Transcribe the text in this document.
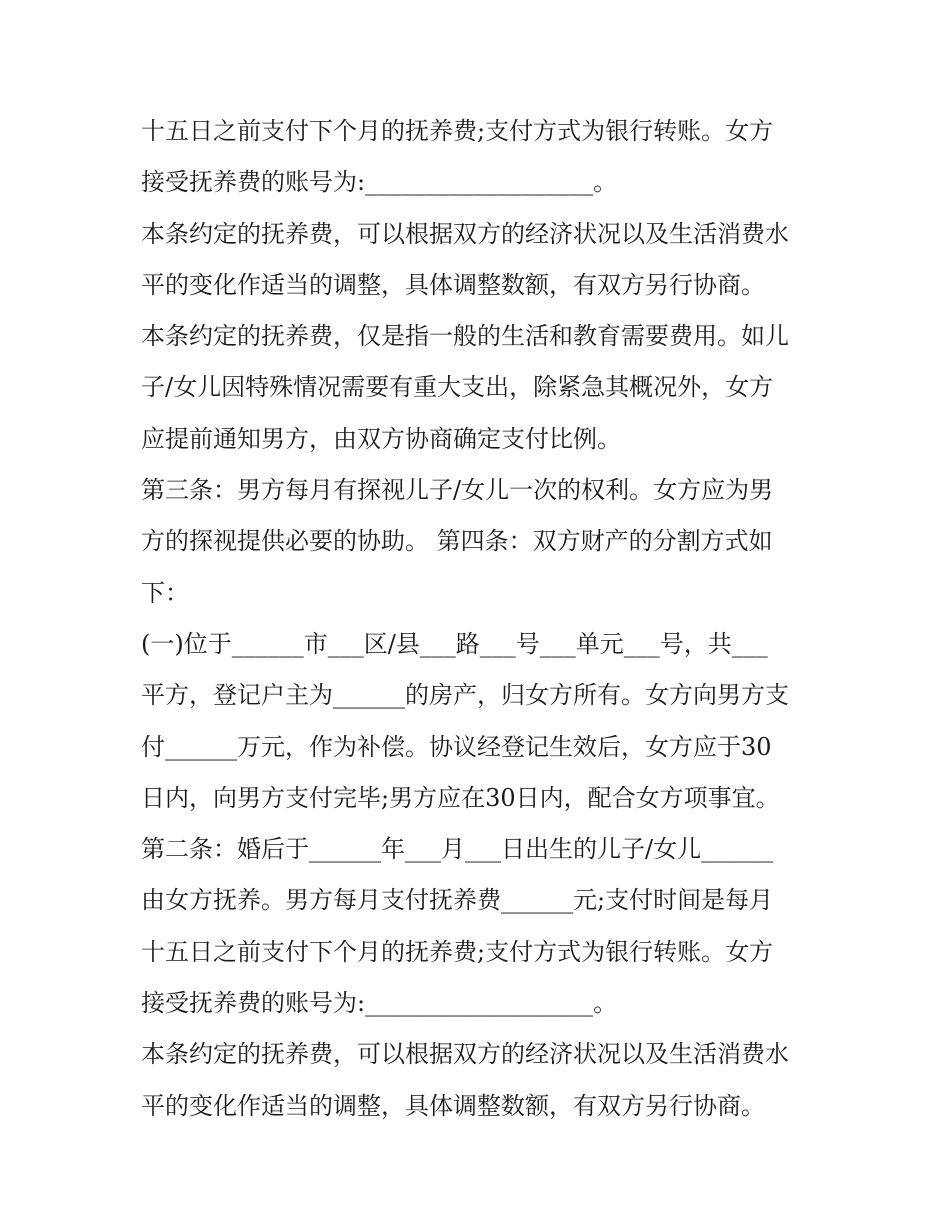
十五日之前支付下个月的抚养费;支付方式为银行转账。女方
接受抚养费的账号为:___________________。
本条约定的抚养费，可以根据双方的经济状况以及生活消费水
平的变化作适当的调整，具体调整数额，有双方另行协商。
本条约定的抚养费，仅是指一般的生活和教育需要费用。如儿
子/女儿因特殊情况需要有重大支出，除紧急其概况外，女方
应提前通知男方，由双方协商确定支付比例。
第三条：男方每月有探视儿子/女儿一次的权利。女方应为男
方的探视提供必要的协助。 第四条：双方财产的分割方式如
下：
(一)位于______市___区/县___路___号___单元___号，共___
平方，登记户主为______的房产，归女方所有。女方向男方支
付______万元，作为补偿。协议经登记生效后，女方应于30
日内，向男方支付完毕;男方应在30日内，配合女方项事宜。
第二条：婚后于______年___月___日出生的儿子/女儿______
由女方抚养。男方每月支付抚养费______元;支付时间是每月
十五日之前支付下个月的抚养费;支付方式为银行转账。女方
接受抚养费的账号为:___________________。
本条约定的抚养费，可以根据双方的经济状况以及生活消费水
平的变化作适当的调整，具体调整数额，有双方另行协商。
